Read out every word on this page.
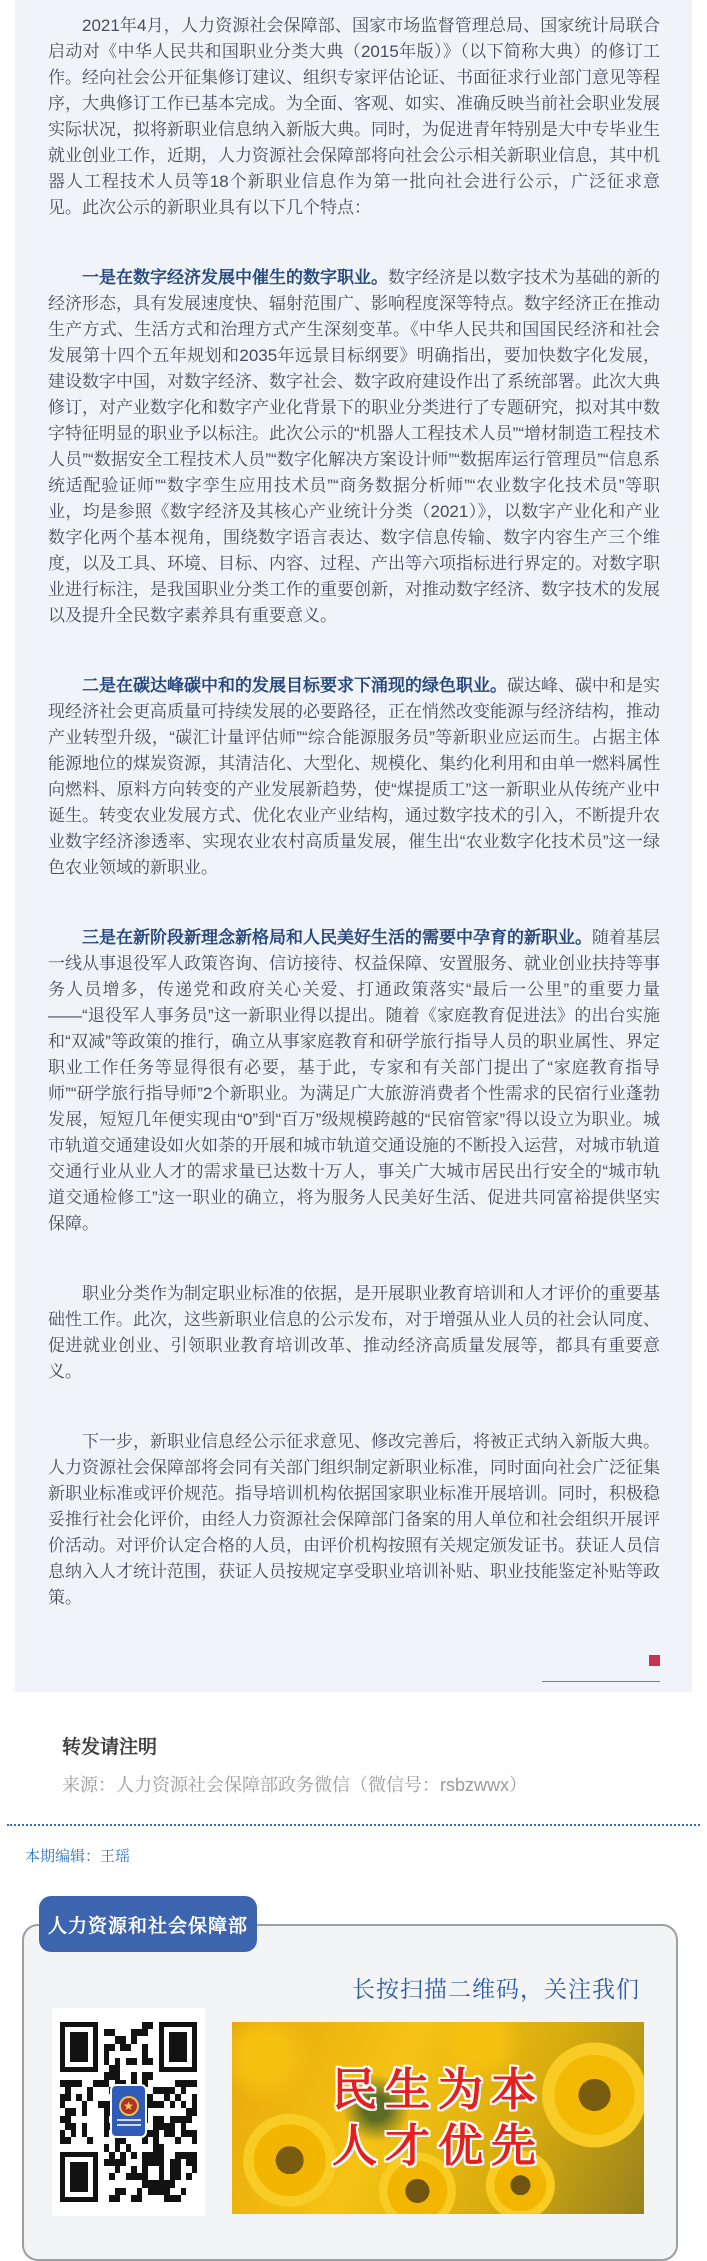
2021年4月，人力资源社会保障部、国家市场监督管理总局、国家统计局联合启动对《中华人民共和国职业分类大典（2015年版）》（以下简称大典）的修订工作。经向社会公开征集修订建议、组织专家评估论证、书面征求行业部门意见等程序，大典修订工作已基本完成。为全面、客观、如实、准确反映当前社会职业发展实际状况，拟将新职业信息纳入新版大典。同时，为促进青年特别是大中专毕业生就业创业工作，近期，人力资源社会保障部将向社会公示相关新职业信息，其中机器人工程技术人员等18个新职业信息作为第一批向社会进行公示，广泛征求意见。此次公示的新职业具有以下几个特点：

一是在数字经济发展中催生的数字职业。数字经济是以数字技术为基础的新的经济形态，具有发展速度快、辐射范围广、影响程度深等特点。数字经济正在推动生产方式、生活方式和治理方式产生深刻变革。《中华人民共和国国民经济和社会发展第十四个五年规划和2035年远景目标纲要》明确指出，要加快数字化发展，建设数字中国，对数字经济、数字社会、数字政府建设作出了系统部署。此次大典修订，对产业数字化和数字产业化背景下的职业分类进行了专题研究，拟对其中数字特征明显的职业予以标注。此次公示的“机器人工程技术人员”“增材制造工程技术人员”“数据安全工程技术人员”“数字化解决方案设计师”“数据库运行管理员”“信息系统适配验证师”“数字孪生应用技术员”“商务数据分析师”“农业数字化技术员”等职业，均是参照《数字经济及其核心产业统计分类（2021）》，以数字产业化和产业数字化两个基本视角，围绕数字语言表达、数字信息传输、数字内容生产三个维度，以及工具、环境、目标、内容、过程、产出等六项指标进行界定的。对数字职业进行标注，是我国职业分类工作的重要创新，对推动数字经济、数字技术的发展以及提升全民数字素养具有重要意义。

二是在碳达峰碳中和的发展目标要求下涌现的绿色职业。碳达峰、碳中和是实现经济社会更高质量可持续发展的必要路径，正在悄然改变能源与经济结构，推动产业转型升级，“碳汇计量评估师”“综合能源服务员”等新职业应运而生。占据主体能源地位的煤炭资源，其清洁化、大型化、规模化、集约化利用和由单一燃料属性向燃料、原料方向转变的产业发展新趋势，使“煤提质工”这一新职业从传统产业中诞生。转变农业发展方式、优化农业产业结构，通过数字技术的引入，不断提升农业数字经济渗透率、实现农业农村高质量发展，催生出“农业数字化技术员”这一绿色农业领域的新职业。

三是在新阶段新理念新格局和人民美好生活的需要中孕育的新职业。随着基层一线从事退役军人政策咨询、信访接待、权益保障、安置服务、就业创业扶持等事务人员增多，传递党和政府关心关爱、打通政策落实“最后一公里”的重要力量——“退役军人事务员”这一新职业得以提出。随着《家庭教育促进法》的出台实施和“双减”等政策的推行，确立从事家庭教育和研学旅行指导人员的职业属性、界定职业工作任务等显得很有必要，基于此，专家和有关部门提出了“家庭教育指导师”“研学旅行指导师”2个新职业。为满足广大旅游消费者个性需求的民宿行业蓬勃发展，短短几年便实现由“0”到“百万”级规模跨越的“民宿管家”得以设立为职业。城市轨道交通建设如火如荼的开展和城市轨道交通设施的不断投入运营，对城市轨道交通行业从业人才的需求量已达数十万人，事关广大城市居民出行安全的“城市轨道交通检修工”这一职业的确立，将为服务人民美好生活、促进共同富裕提供坚实保障。

职业分类作为制定职业标准的依据，是开展职业教育培训和人才评价的重要基础性工作。此次，这些新职业信息的公示发布，对于增强从业人员的社会认同度、促进就业创业、引领职业教育培训改革、推动经济高质量发展等，都具有重要意义。

下一步，新职业信息经公示征求意见、修改完善后，将被正式纳入新版大典。人力资源社会保障部将会同有关部门组织制定新职业标准，同时面向社会广泛征集新职业标准或评价规范。指导培训机构依据国家职业标准开展培训。同时，积极稳妥推行社会化评价，由经人力资源社会保障部门备案的用人单位和社会组织开展评价活动。对评价认定合格的人员，由评价机构按照有关规定颁发证书。获证人员信息纳入人才统计范围，获证人员按规定享受职业培训补贴、职业技能鉴定补贴等政策。

转发请注明
来源：人力资源社会保障部政务微信（微信号：rsbzwwx）
本期编辑：王瑶
人力资源和社会保障部
长按扫描二维码，关注我们
★	民生为本
人才优先
